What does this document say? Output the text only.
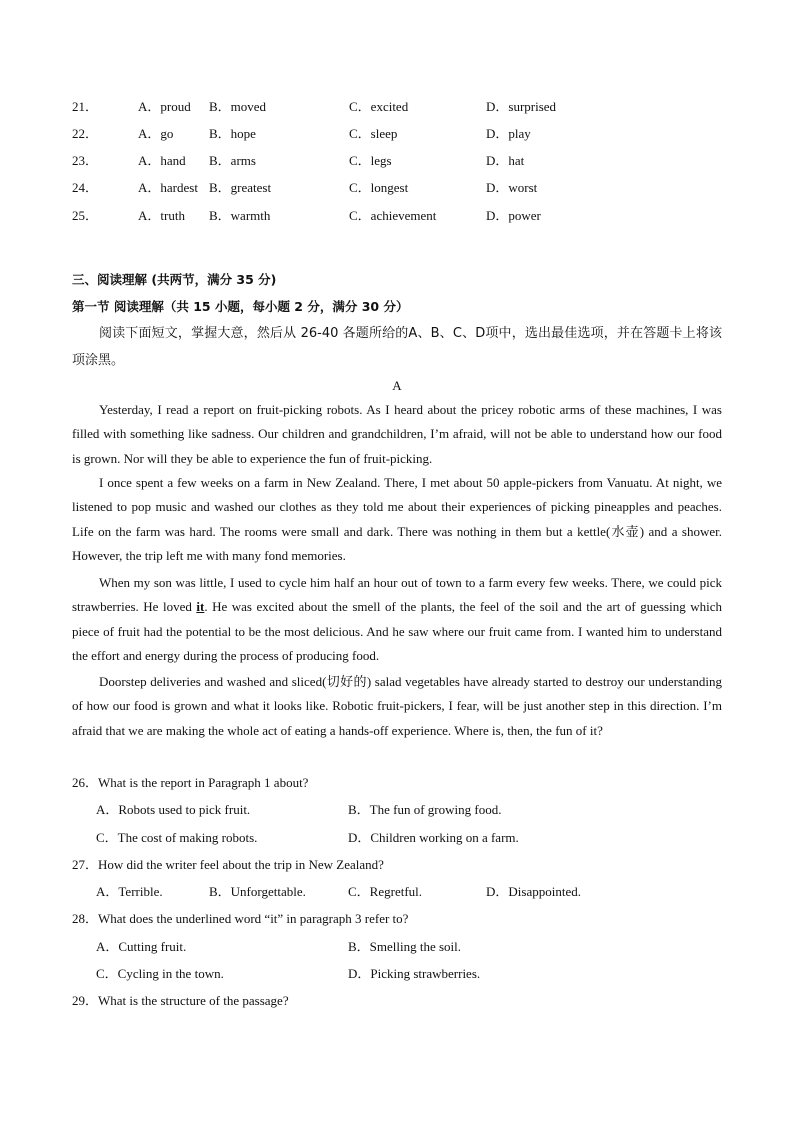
21．	A．proud B．moved	C．excited	D．surprised
22．	A．go	B．hope	C．sleep	D．play
23．	A．hand B．arms	C．legs	D．hat
24．	A．hardest B．greatest	C．longest	D．worst
25．	A．truth B．warmth	C．achievement	D．power
三、阅读理解 (共两节，满分 35 分)
第一节 阅读理解（共 15 小题，每小题 2 分，满分 30 分）

阅读下面短文，掌握大意，然后从 26-40 各题所给的A、B、C、D项中，选出最佳选项，并在答题卡上将该项涂黑。

A

Yesterday, I read a report on fruit-picking robots. As I heard about the pricey robotic arms of these machines, I was filled with something like sadness. Our children and grandchildren, I’m afraid, will not be able to understand how our food is grown. Nor will they be able to experience the fun of fruit-picking.

I once spent a few weeks on a farm in New Zealand. There, I met about 50 apple-pickers from Vanuatu. At night, we listened to pop music and washed our clothes as they told me about their experiences of picking pineapples and peaches. Life on the farm was hard. The rooms were small and dark. There was nothing in them but a kettle(水壶) and a shower. However, the trip left me with many fond memories.

When my son was little, I used to cycle him half an hour out of town to a farm every few weeks. There, we could pick strawberries. He loved it. He was excited about the smell of the plants, the feel of the soil and the art of guessing which piece of fruit had the potential to be the most delicious. And he saw where our fruit came from. I wanted him to understand the effort and energy during the process of producing food.

Doorstep deliveries and washed and sliced(切好的) salad vegetables have already started to destroy our understanding of how our food is grown and what it looks like. Robotic fruit-pickers, I fear, will be just another step in this direction. I’m afraid that we are making the whole act of eating a hands-off experience. Where is, then, the fun of it?

26．What is the report in Paragraph 1 about?
A．Robots used to pick fruit.	B．The fun of growing food.
C．The cost of making robots.	D．Children working on a farm.
27．How did the writer feel about the trip in New Zealand?
A．Terrible.	B．Unforgettable.	C．Regretful.	D．Disappointed.
28．What does the underlined word “it” in paragraph 3 refer to?
A．Cutting fruit.	B．Smelling the soil.
C．Cycling in the town.	D．Picking strawberries.
29．What is the structure of the passage?
